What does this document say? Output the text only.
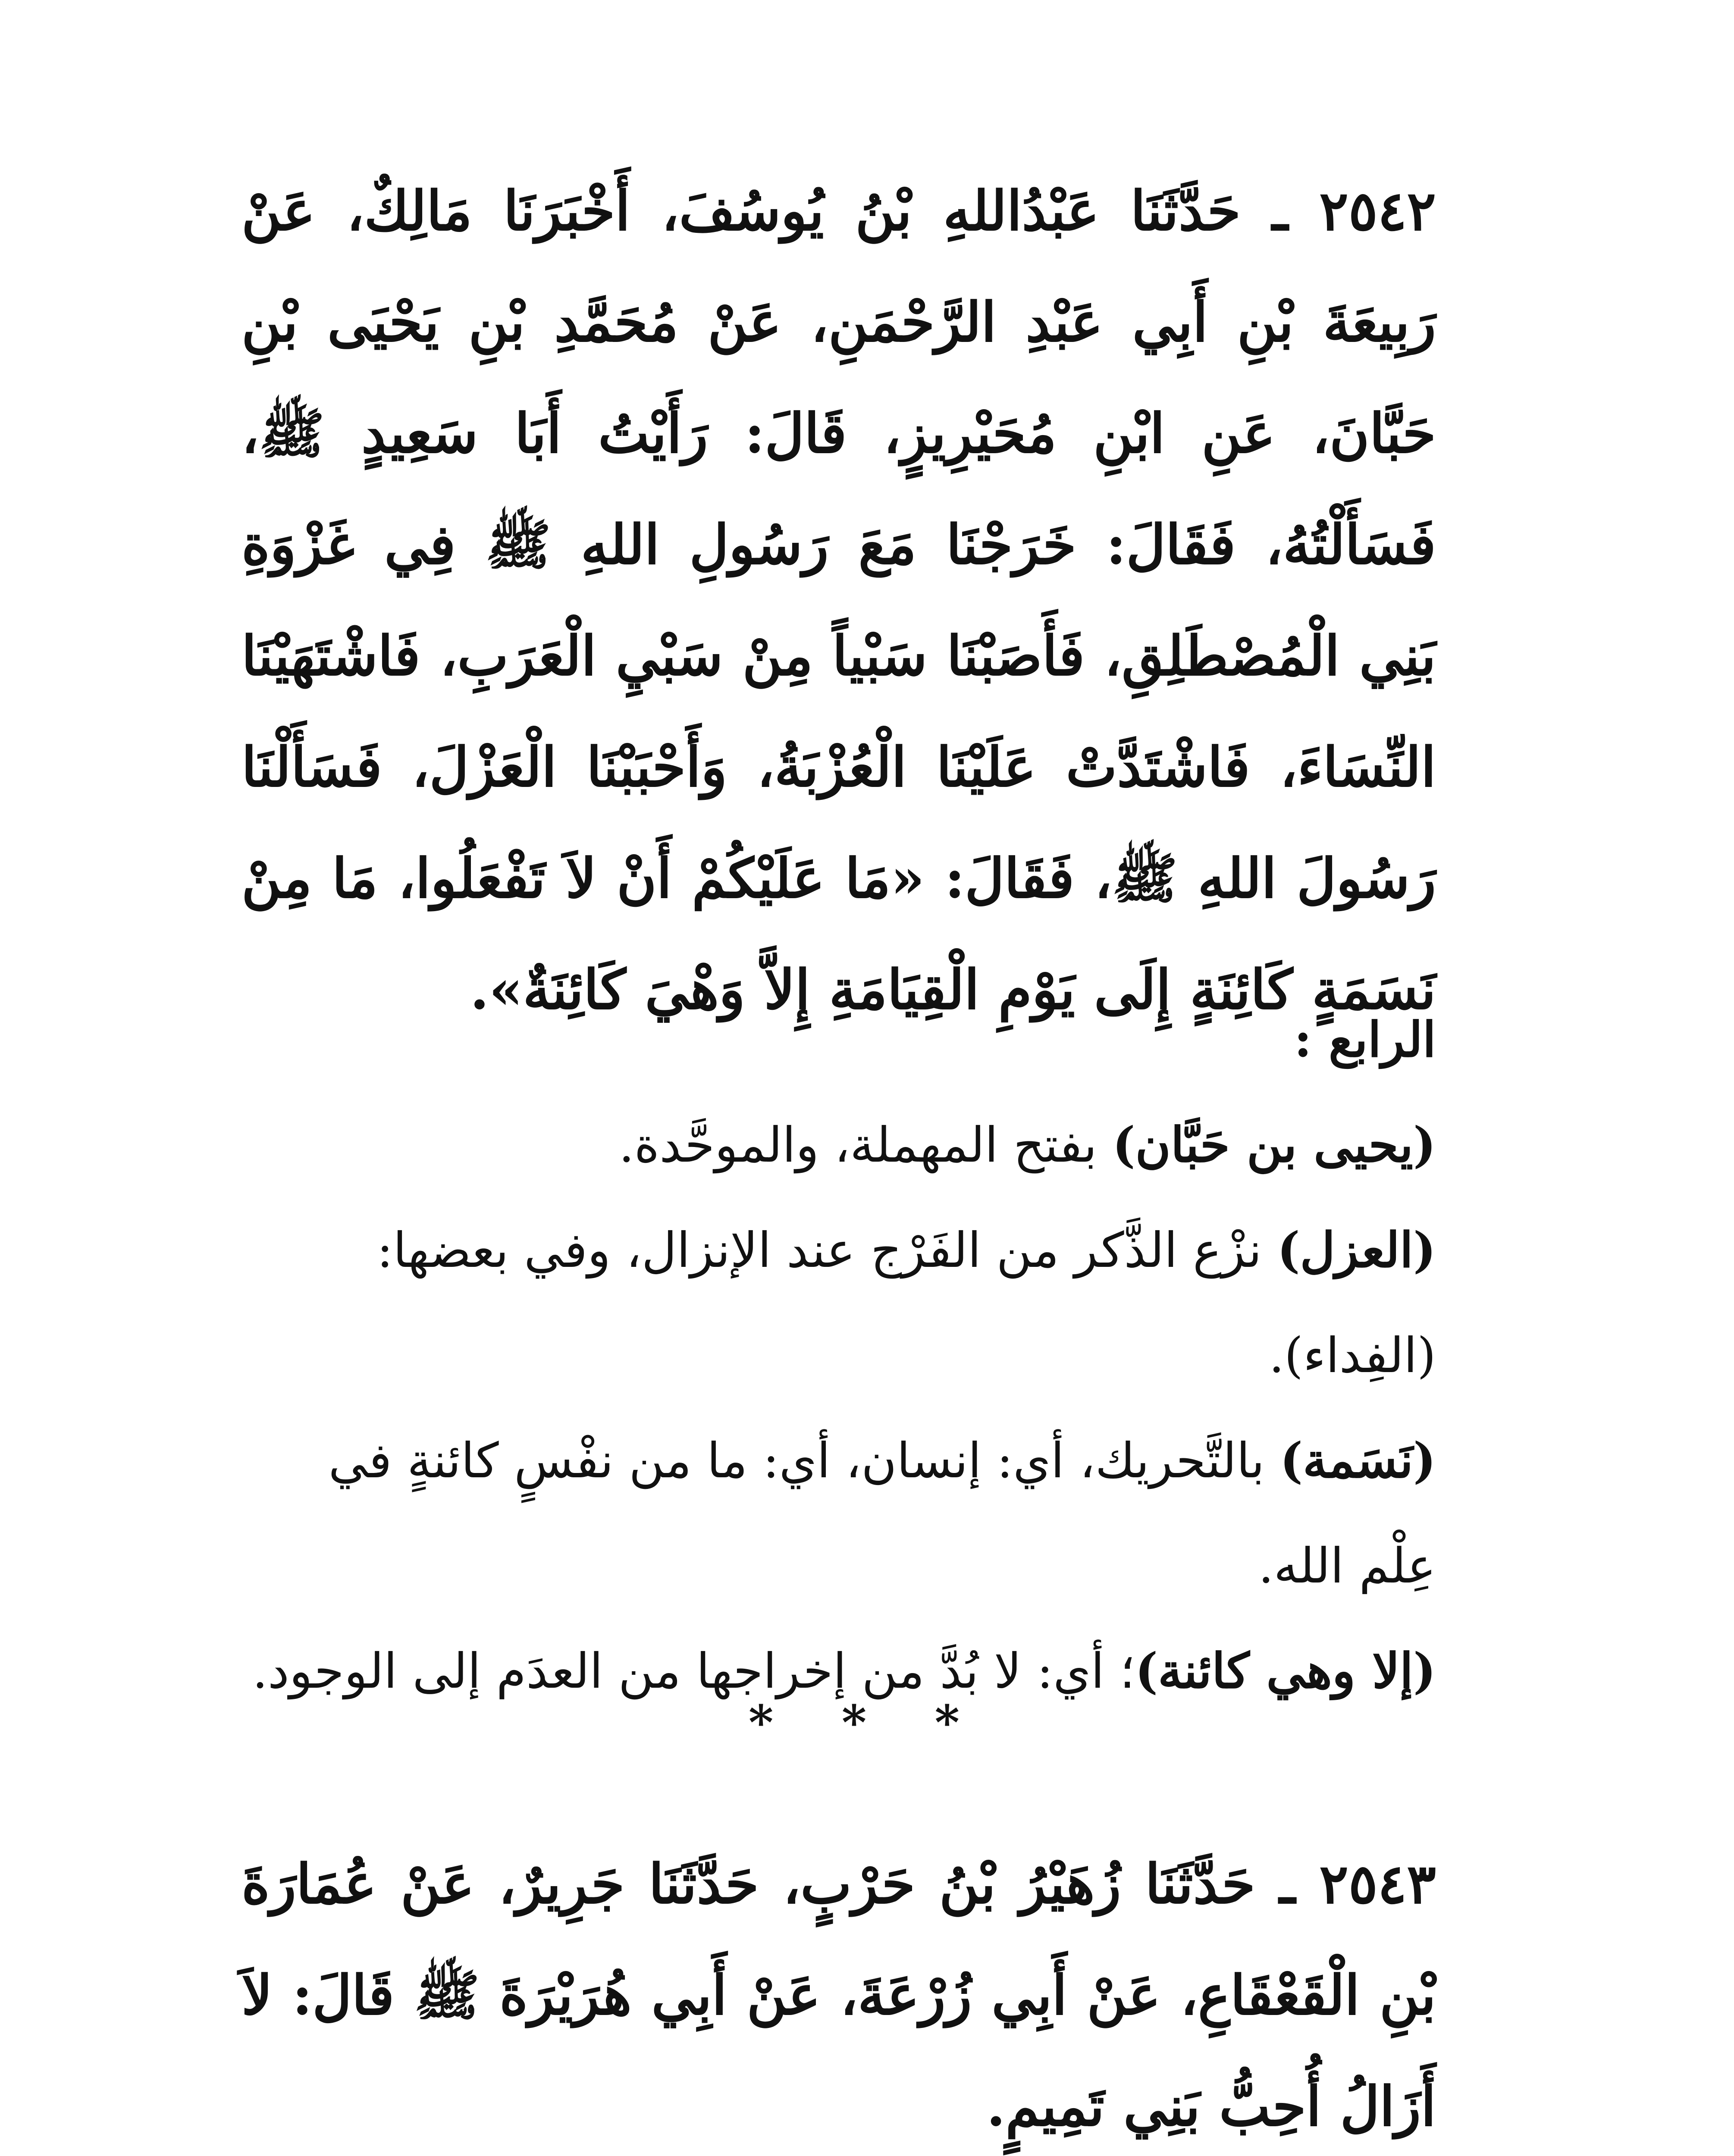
٢٥٤٢ ـ حَدَّثَنَا عَبْدُاللهِ بْنُ يُوسُفَ، أَخْبَرَنَا مَالِكٌ، عَنْ رَبِيعَةَ بْنِ أَبِي عَبْدِ الرَّحْمَنِ، عَنْ مُحَمَّدِ بْنِ يَحْيَى بْنِ حَبَّانَ، عَنِ ابْنِ مُحَيْرِيزٍ، قَالَ: رَأَيْتُ أَبَا سَعِيدٍ ﷺ، فَسَأَلْتُهُ، فَقَالَ: خَرَجْنَا مَعَ رَسُولِ اللهِ ﷺ فِي غَزْوَةِ بَنِي الْمُصْطَلِقِ، فَأَصَبْنَا سَبْياً مِنْ سَبْيِ الْعَرَبِ، فَاشْتَهَيْنَا النِّسَاءَ، فَاشْتَدَّتْ عَلَيْنَا الْعُزْبَةُ، وَأَحْبَبْنَا الْعَزْلَ، فَسَأَلْنَا رَسُولَ اللهِ ﷺ، فَقَالَ: «مَا عَلَيْكُمْ أَنْ لاَ تَفْعَلُوا، مَا مِنْ نَسَمَةٍ كَائِنَةٍ إِلَى يَوْمِ الْقِيَامَةِ إِلاَّ وَهْيَ كَائِنَةٌ».

الرابع :

(يحيى بن حَبَّان) بفتح المهملة، والموحَّدة.

(العزل) نزْع الذَّكر من الفَرْج عند الإنزال، وفي بعضها: (الفِداء).

(نَسَمة) بالتَّحريك، أي: إنسان، أي: ما من نفْسٍ كائنةٍ في عِلْم الله.

(إلا وهي كائنة)؛ أي: لا بُدَّ من إخراجها من العدَم إلى الوجود.

* * *

٢٥٤٣ ـ حَدَّثَنَا زُهَيْرُ بْنُ حَرْبٍ، حَدَّثَنَا جَرِيرٌ، عَنْ عُمَارَةَ بْنِ الْقَعْقَاعِ، عَنْ أَبِي زُرْعَةَ، عَنْ أَبِي هُرَيْرَةَ ﷺ قَالَ: لاَ أَزَالُ أُحِبُّ بَنِي تَمِيمٍ.
